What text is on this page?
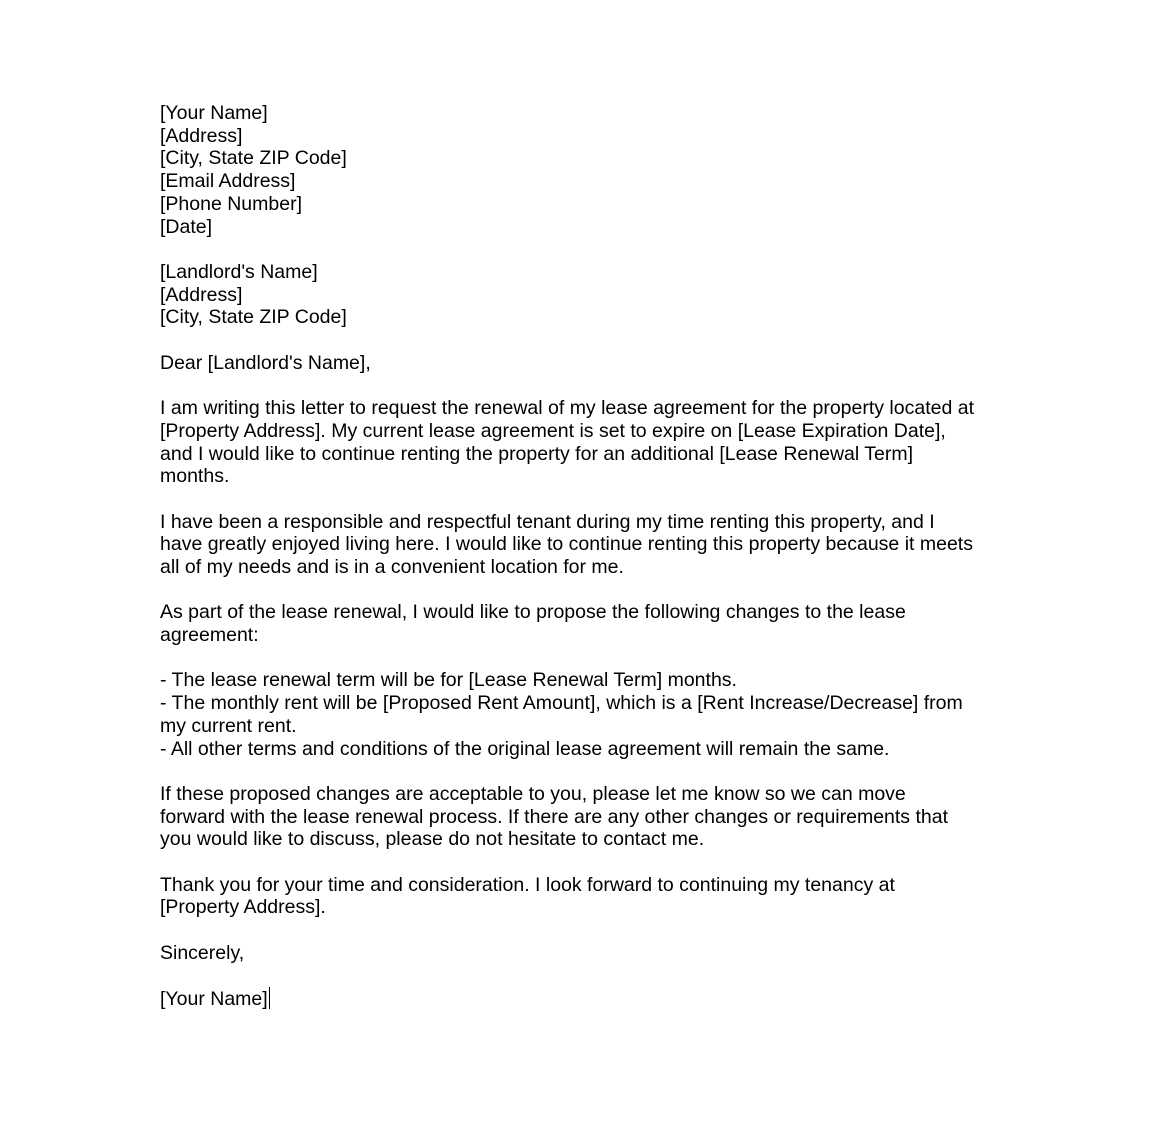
[Your Name]
[Address]
[City, State ZIP Code]
[Email Address]
[Phone Number]
[Date]
[Landlord's Name]
[Address]
[City, State ZIP Code]
Dear [Landlord's Name],
I am writing this letter to request the renewal of my lease agreement for the property located at
[Property Address]. My current lease agreement is set to expire on [Lease Expiration Date],
and I would like to continue renting the property for an additional [Lease Renewal Term]
months.
I have been a responsible and respectful tenant during my time renting this property, and I
have greatly enjoyed living here. I would like to continue renting this property because it meets
all of my needs and is in a convenient location for me.
As part of the lease renewal, I would like to propose the following changes to the lease
agreement:
- The lease renewal term will be for [Lease Renewal Term] months.
- The monthly rent will be [Proposed Rent Amount], which is a [Rent Increase/Decrease] from
my current rent.
- All other terms and conditions of the original lease agreement will remain the same.
If these proposed changes are acceptable to you, please let me know so we can move
forward with the lease renewal process. If there are any other changes or requirements that
you would like to discuss, please do not hesitate to contact me.
Thank you for your time and consideration. I look forward to continuing my tenancy at
[Property Address].
Sincerely,
[Your Name]
